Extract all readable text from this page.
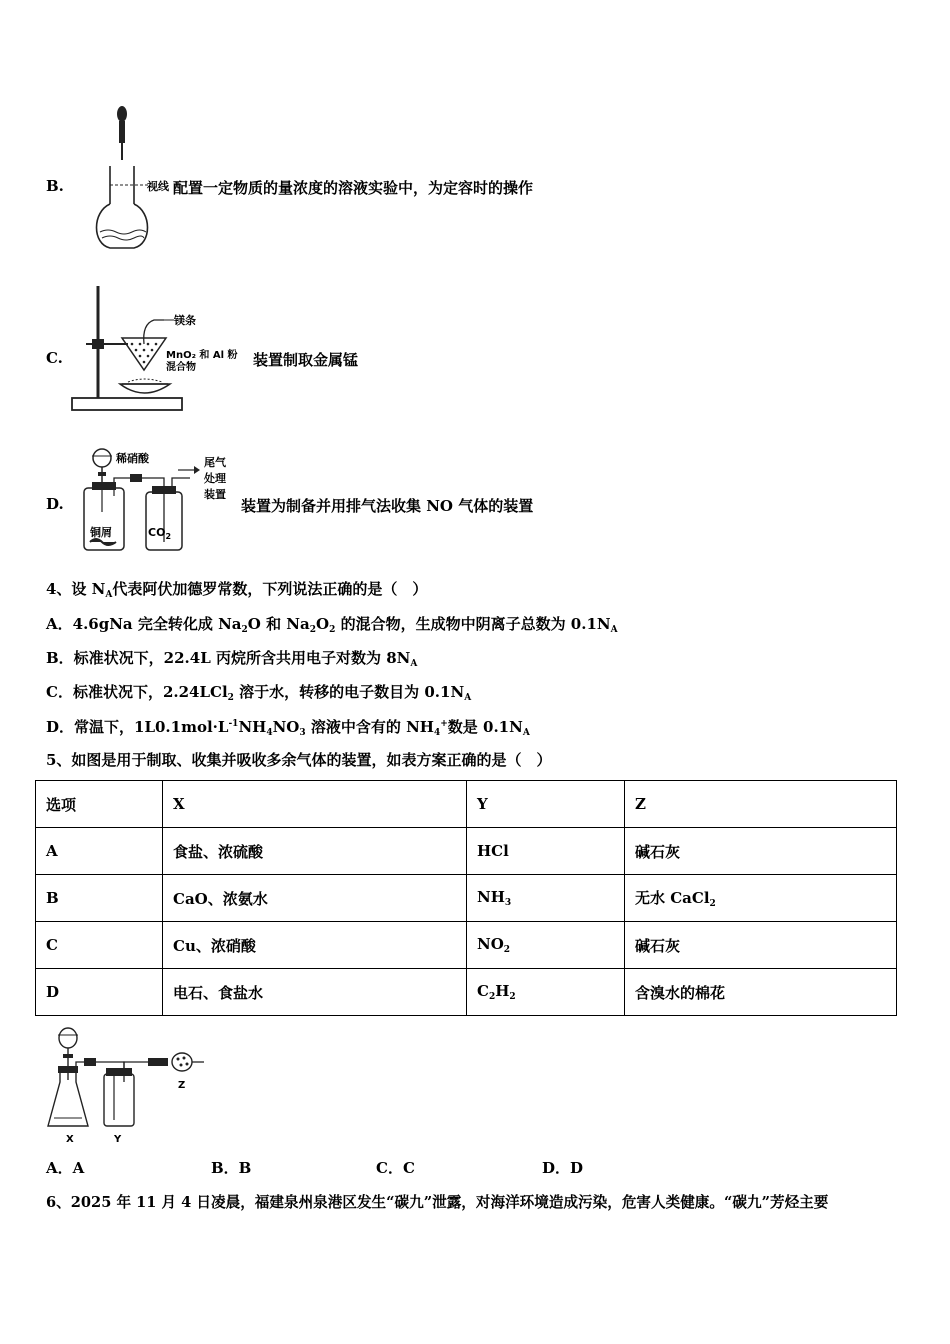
视线
B.	配置一定物质的量浓度的溶液实验中，为定容时的操作
镁条
MnO₂ 和 Al 粉
混合物
C.	装置制取金属锰
稀硝酸	尾气
处理
装置
铜屑	$CO_2$
D.	装置为制备并用排气法收集 NO 气体的装置
4、设 $N_A$代表阿伏加德罗常数，下列说法正确的是（　）
A．4.6gNa 完全转化成 $Na_2O$ 和 $Na_2O_2$ 的混合物，生成物中阴离子总数为 $0.1N_A$
B．标准状况下，22.4L 丙烷所含共用电子对数为 $8N_A$
C．标准状况下，2.24LCl$_2$ 溶于水，转移的电子数目为 $0.1N_A$
D．常温下，$1L0.1mol\cdot L^{-1}NH_4NO_3$ 溶液中含有的 $NH_4^+$数是 $0.1N_A$
5、如图是用于制取、收集并吸收多余气体的装置，如表方案正确的是（　）
选项	X	Y	Z
A	食盐、浓硫酸	HCl	碱石灰
B	CaO、浓氨水	$NH_3$	无水 CaCl$_2$
C	Cu、浓硝酸	$NO_2$	碱石灰
D	电石、食盐水	$C_2H_2$	含溴水的棉花
X	Y
Z
A．A	B．B	C．C	D．D
6、2025 年 11 月 4 日凌晨，福建泉州泉港区发生“碳九”泄露，对海洋环境造成污染，危害人类健康。“碳九”芳烃主要
